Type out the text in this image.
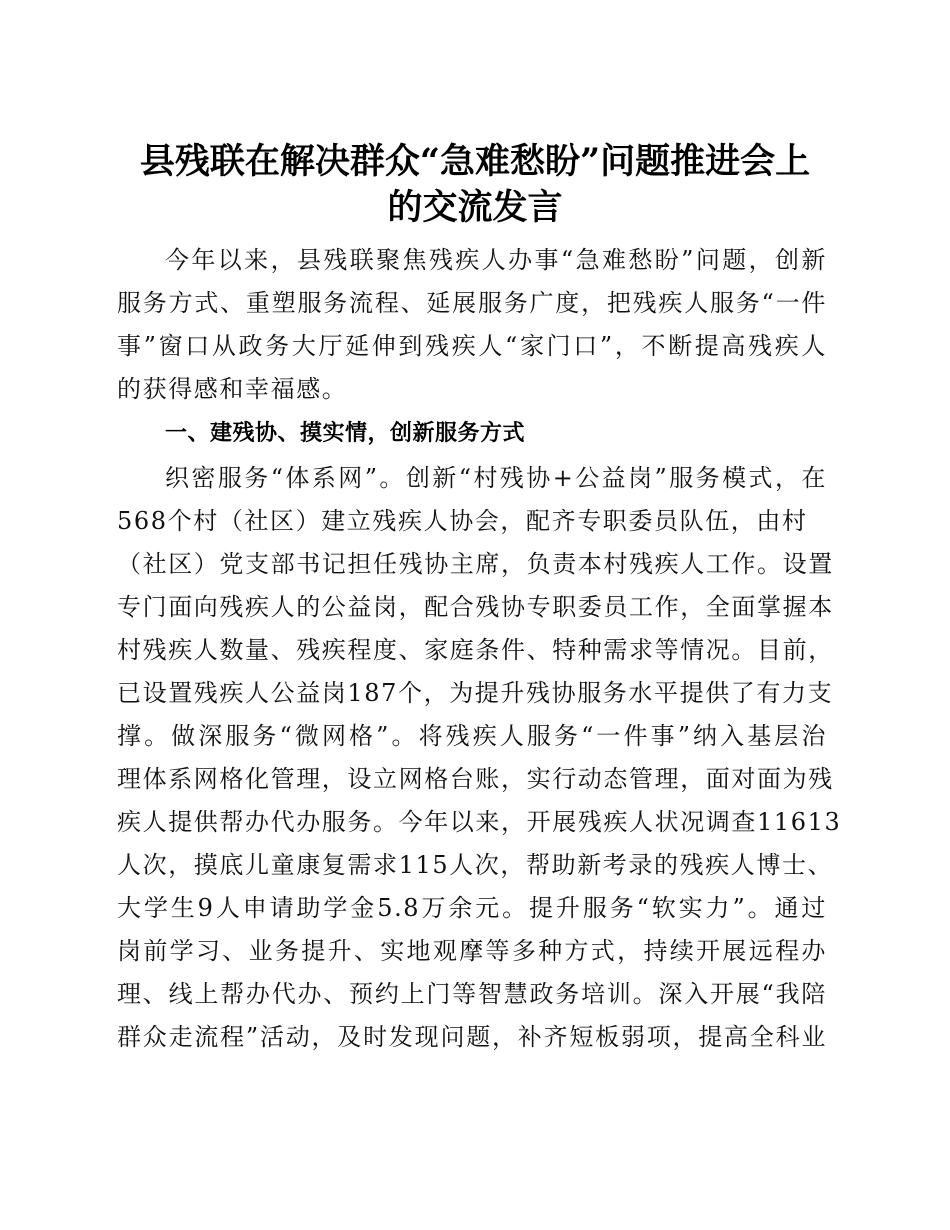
县残联在解决群众“急难愁盼”问题推进会上
的交流发言
今年以来，县残联聚焦残疾人办事“急难愁盼”问题，创新
服务方式、重塑服务流程、延展服务广度，把残疾人服务“一件
事”窗口从政务大厅延伸到残疾人“家门口”，不断提高残疾人
的获得感和幸福感。
一、建残协、摸实情，创新服务方式
织密服务“体系网”。创新“村残协+公益岗”服务模式，在
568个村（社区）建立残疾人协会，配齐专职委员队伍，由村
（社区）党支部书记担任残协主席，负责本村残疾人工作。设置
专门面向残疾人的公益岗，配合残协专职委员工作，全面掌握本
村残疾人数量、残疾程度、家庭条件、特种需求等情况。目前，
已设置残疾人公益岗187个，为提升残协服务水平提供了有力支
撑。做深服务“微网格”。将残疾人服务“一件事”纳入基层治
理体系网格化管理，设立网格台账，实行动态管理，面对面为残
疾人提供帮办代办服务。今年以来，开展残疾人状况调查11613
人次，摸底儿童康复需求115人次，帮助新考录的残疾人博士、
大学生9人申请助学金5.8万余元。提升服务“软实力”。通过
岗前学习、业务提升、实地观摩等多种方式，持续开展远程办
理、线上帮办代办、预约上门等智慧政务培训。深入开展“我陪
群众走流程”活动，及时发现问题，补齐短板弱项，提高全科业
